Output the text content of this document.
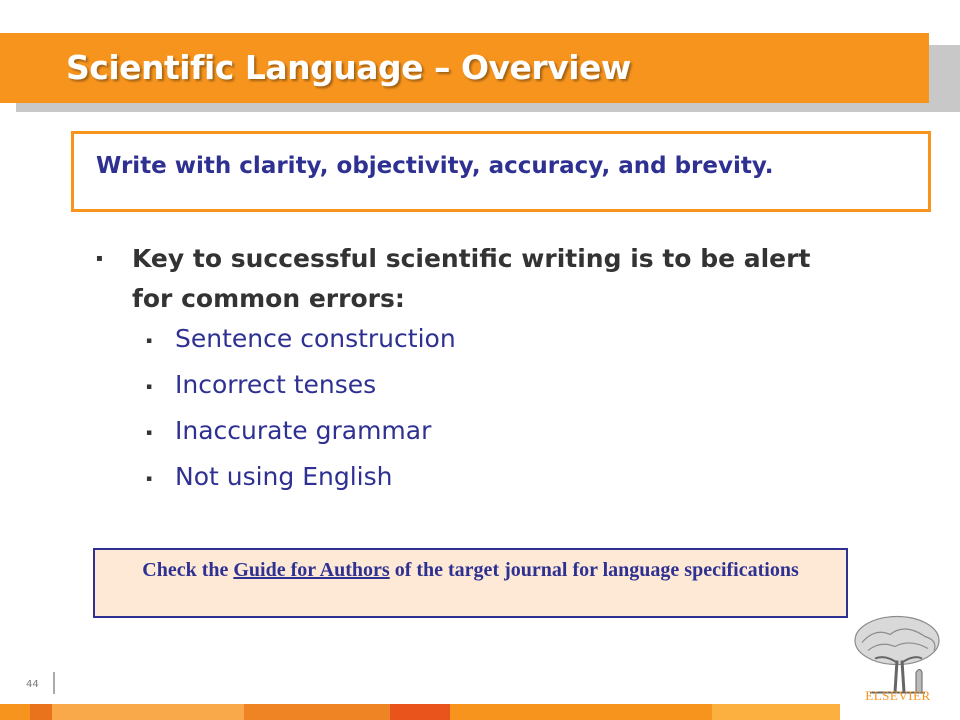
Scientific Language – Overview
Write with clarity, objectivity, accuracy, and brevity.
▪ Key to successful scientific writing is to be alert for common errors:
▪ Sentence construction
▪ Incorrect tenses
▪ Inaccurate grammar
▪ Not using English
Check the Guide for Authors of the target journal for language specifications
44
ELSEVIER
